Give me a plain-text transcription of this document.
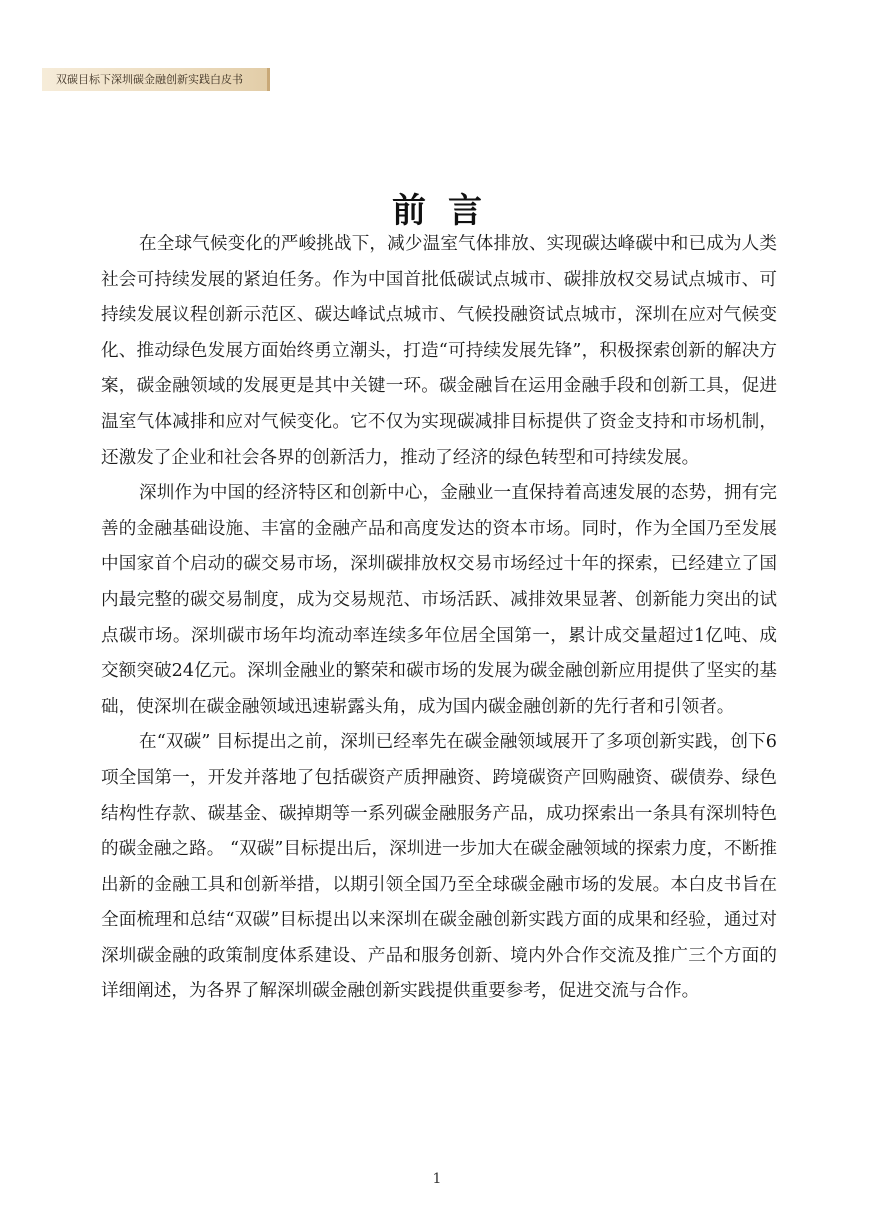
双碳目标下深圳碳金融创新实践白皮书
前言

在全球气候变化的严峻挑战下，减少温室气体排放、实现碳达峰碳中和已成为人类社会可持续发展的紧迫任务。作为中国首批低碳试点城市、碳排放权交易试点城市、可持续发展议程创新示范区、碳达峰试点城市、气候投融资试点城市，深圳在应对气候变化、推动绿色发展方面始终勇立潮头，打造“可持续发展先锋”，积极探索创新的解决方案，碳金融领域的发展更是其中关键一环。碳金融旨在运用金融手段和创新工具，促进温室气体减排和应对气候变化。它不仅为实现碳减排目标提供了资金支持和市场机制，还激发了企业和社会各界的创新活力，推动了经济的绿色转型和可持续发展。

深圳作为中国的经济特区和创新中心，金融业一直保持着高速发展的态势，拥有完善的金融基础设施、丰富的金融产品和高度发达的资本市场。同时，作为全国乃至发展中国家首个启动的碳交易市场，深圳碳排放权交易市场经过十年的探索，已经建立了国内最完整的碳交易制度，成为交易规范、市场活跃、减排效果显著、创新能力突出的试点碳市场。深圳碳市场年均流动率连续多年位居全国第一，累计成交量超过1亿吨、成交额突破24亿元。深圳金融业的繁荣和碳市场的发展为碳金融创新应用提供了坚实的基础，使深圳在碳金融领域迅速崭露头角，成为国内碳金融创新的先行者和引领者。

在“双碳” 目标提出之前，深圳已经率先在碳金融领域展开了多项创新实践，创下6项全国第一，开发并落地了包括碳资产质押融资、跨境碳资产回购融资、碳债券、绿色结构性存款、碳基金、碳掉期等一系列碳金融服务产品，成功探索出一条具有深圳特色的碳金融之路。 “双碳”目标提出后，深圳进一步加大在碳金融领域的探索力度，不断推出新的金融工具和创新举措，以期引领全国乃至全球碳金融市场的发展。本白皮书旨在全面梳理和总结“双碳”目标提出以来深圳在碳金融创新实践方面的成果和经验，通过对深圳碳金融的政策制度体系建设、产品和服务创新、境内外合作交流及推广三个方面的详细阐述，为各界了解深圳碳金融创新实践提供重要参考，促进交流与合作。

1
